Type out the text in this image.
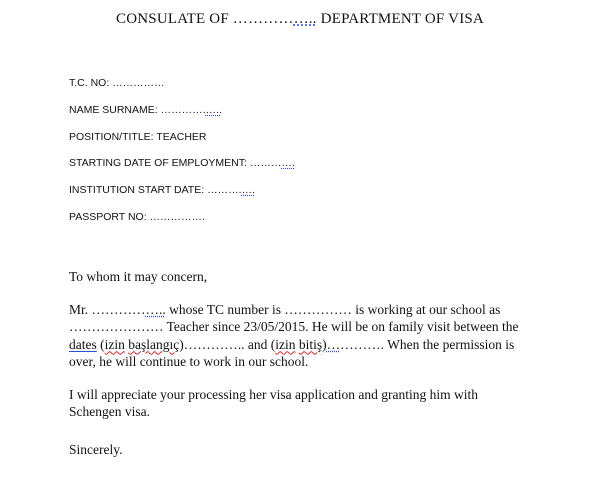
CONSULATE OF …………….. DEPARTMENT OF VISA
T.C. NO: ……………
NAME SURNAME: ………….…..
POSITION/TITLE: TEACHER
STARTING DATE OF EMPLOYMENT: ………….
INSTITUTION START DATE: ……….….
PASSPORT NO: …………….

To whom it may concern,

Mr. …………….. whose TC number is …………… is working at our school as
………………… Teacher since 23/05/2015. He will be on family visit between the
dates (izin başlangıç)………….. and (izin bitiş)…………. When the permission is
over, he will continue to work in our school.

I will appreciate your processing her visa application and granting him with
Schengen visa.

Sincerely.
